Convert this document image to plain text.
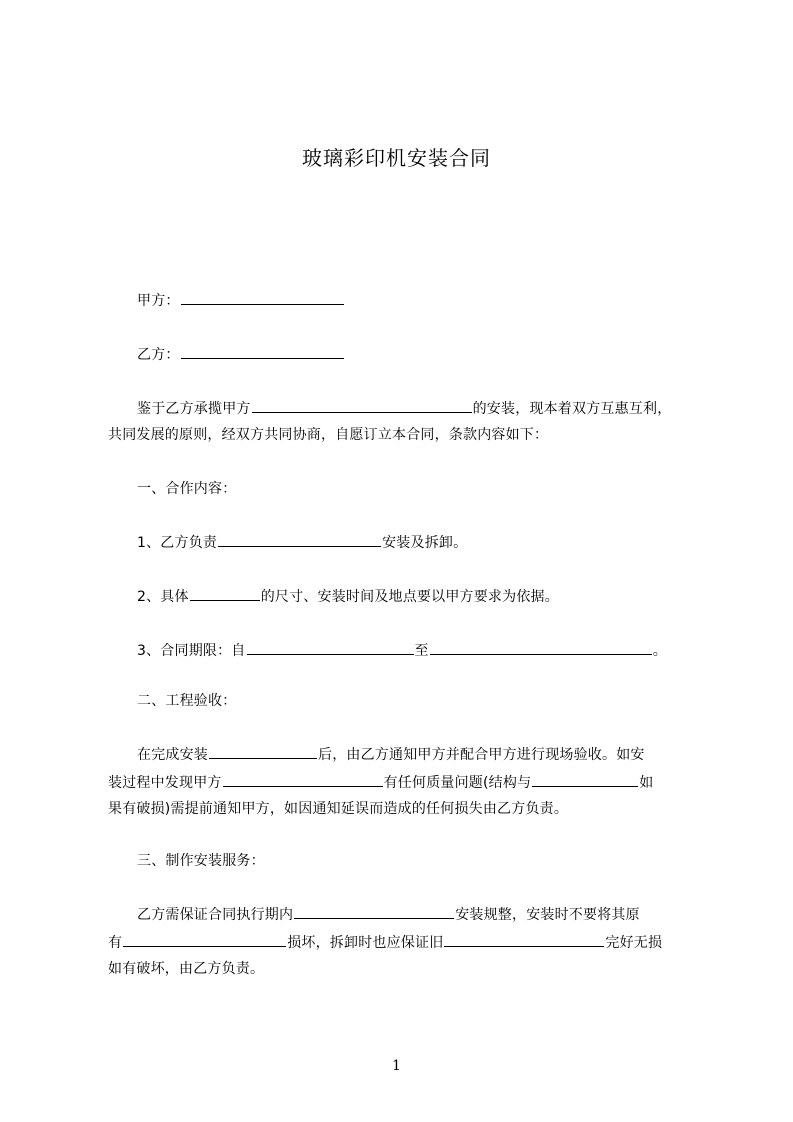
玻璃彩印机安装合同
甲方：
乙方：
鉴于乙方承揽甲方	的安装，现本着双方互惠互利，
共同发展的原则，经双方共同协商，自愿订立本合同，条款内容如下：
一、合作内容：
1、乙方负责	安装及拆卸。
2、具体	的尺寸、安装时间及地点要以甲方要求为依据。
3、合同期限：自	至	。
二、工程验收：
在完成安装	后，由乙方通知甲方并配合甲方进行现场验收。如安
装过程中发现甲方	有任何质量问题(结构与	如
果有破损)需提前通知甲方，如因通知延误而造成的任何损失由乙方负责。
三、制作安装服务：
乙方需保证合同执行期内	安装规整，安装时不要将其原
有	损坏，拆卸时也应保证旧	完好无损
如有破坏，由乙方负责。
1
